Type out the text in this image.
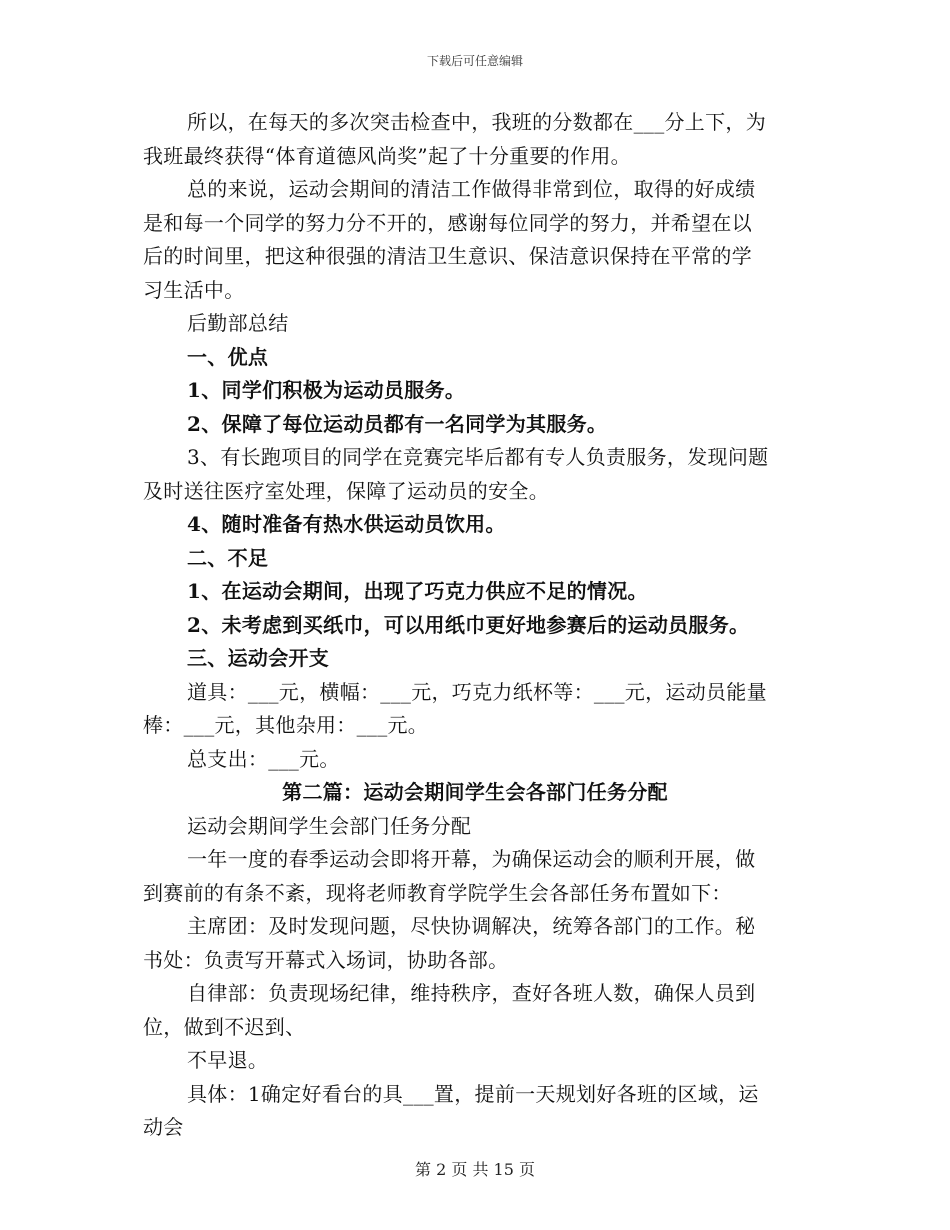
下载后可任意编辑
所以，在每天的多次突击检查中，我班的分数都在___分上下，为
我班最终获得“体育道德风尚奖”起了十分重要的作用。
总的来说，运动会期间的清洁工作做得非常到位，取得的好成绩
是和每一个同学的努力分不开的，感谢每位同学的努力，并希望在以
后的时间里，把这种很强的清洁卫生意识、保洁意识保持在平常的学
习生活中。
后勤部总结
一、优点
1、同学们积极为运动员服务。
2、保障了每位运动员都有一名同学为其服务。
3、有长跑项目的同学在竞赛完毕后都有专人负责服务，发现问题
及时送往医疗室处理，保障了运动员的安全。
4、随时准备有热水供运动员饮用。
二、不足
1、在运动会期间，出现了巧克力供应不足的情况。
2、未考虑到买纸巾，可以用纸巾更好地参赛后的运动员服务。
三、运动会开支
道具：___元，横幅：___元，巧克力纸杯等：___元，运动员能量
棒：___元，其他杂用：___元。
总支出：___元。
第二篇：运动会期间学生会各部门任务分配
运动会期间学生会部门任务分配
一年一度的春季运动会即将开幕，为确保运动会的顺利开展，做
到赛前的有条不紊，现将老师教育学院学生会各部任务布置如下：
主席团：及时发现问题，尽快协调解决，统筹各部门的工作。秘
书处：负责写开幕式入场词，协助各部。
自律部：负责现场纪律，维持秩序，查好各班人数，确保人员到
位，做到不迟到、
不早退。
具体：1确定好看台的具___置，提前一天规划好各班的区域，运
动会
第 2 页 共 15 页
